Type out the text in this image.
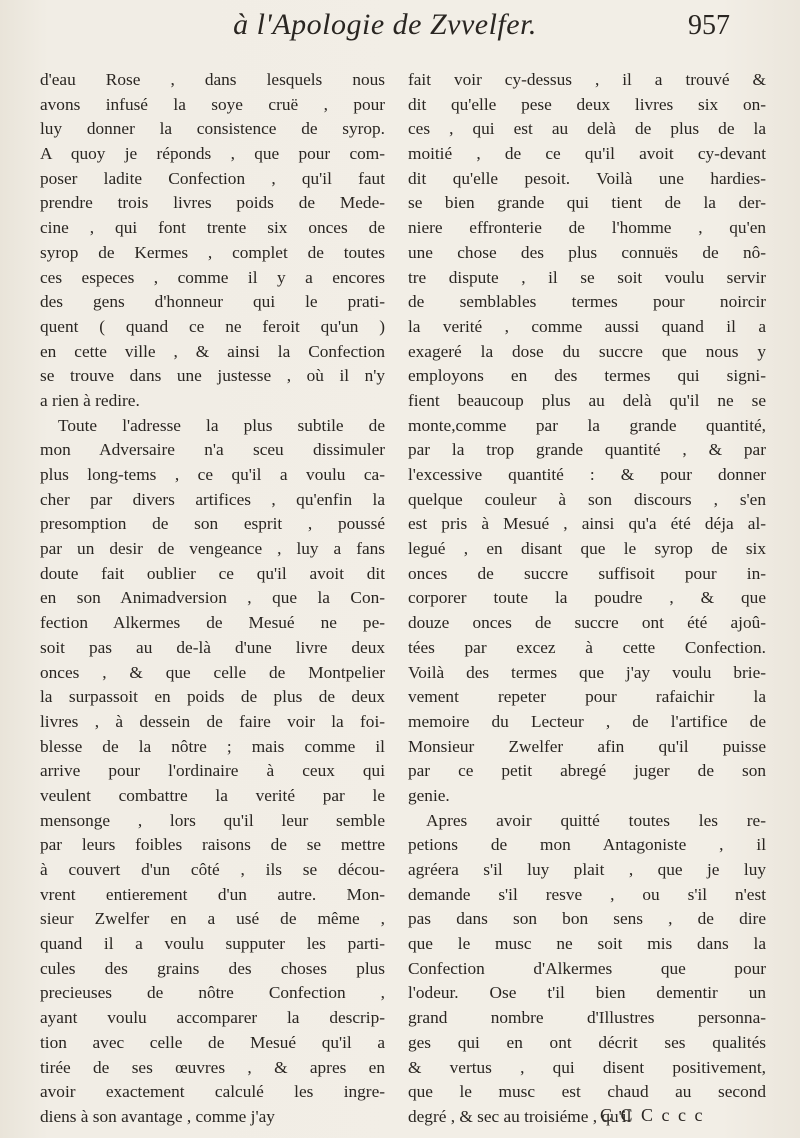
à l'Apologie de Zvvelfer.	957
d'eau Rose , dans lesquels nous
avons infusé la soye cruë , pour
luy donner la consistence de syrop.
A quoy je réponds , que pour com-
poser ladite Confection , qu'il faut
prendre trois livres poids de Mede-
cine , qui font trente six onces de
syrop de Kermes , complet de toutes
ces especes , comme il y a encores
des gens d'honneur qui le prati-
quent ( quand ce ne feroit qu'un )
en cette ville , & ainsi la Confection
se trouve dans une justesse , où il n'y
a rien à redire.
Toute l'adresse la plus subtile de
mon Adversaire n'a sceu dissimuler
plus long-tems , ce qu'il a voulu ca-
cher par divers artifices , qu'enfin la
presomption de son esprit , poussé
par un desir de vengeance , luy a fans
doute fait oublier ce qu'il avoit dit
en son Animadversion , que la Con-
fection Alkermes de Mesué ne pe-
soit pas au de-là d'une livre deux
onces , & que celle de Montpelier
la surpassoit en poids de plus de deux
livres , à dessein de faire voir la foi-
blesse de la nôtre ; mais comme il
arrive pour l'ordinaire à ceux qui
veulent combattre la verité par le
mensonge , lors qu'il leur semble
par leurs foibles raisons de se mettre
à couvert d'un côté , ils se décou-
vrent entierement d'un autre. Mon-
sieur Zwelfer en a usé de même ,
quand il a voulu supputer les parti-
cules des grains des choses plus
precieuses de nôtre Confection ,
ayant voulu accomparer la descrip-
tion avec celle de Mesué qu'il a
tirée de ses œuvres , & apres en
avoir exactement calculé les ingre-
diens à son avantage , comme j'ay
fait voir cy-dessus , il a trouvé &
dit qu'elle pese deux livres six on-
ces , qui est au delà de plus de la
moitié , de ce qu'il avoit cy-devant
dit qu'elle pesoit. Voilà une hardies-
se bien grande qui tient de la der-
niere effronterie de l'homme , qu'en
une chose des plus connuës de nô-
tre dispute , il se soit voulu servir
de semblables termes pour noircir
la verité , comme aussi quand il a
exageré la dose du succre que nous y
employons en des termes qui signi-
fient beaucoup plus au delà qu'il ne se
monte,comme par la grande quantité,
par la trop grande quantité , & par
l'excessive quantité : & pour donner
quelque couleur à son discours , s'en
est pris à Mesué , ainsi qu'a été déja al-
legué , en disant que le syrop de six
onces de succre suffisoit pour in-
corporer toute la poudre , & que
douze onces de succre ont été ajoû-
tées par excez à cette Confection.
Voilà des termes que j'ay voulu brie-
vement repeter pour rafaichir la
memoire du Lecteur , de l'artifice de
Monsieur Zwelfer afin qu'il puisse
par ce petit abregé juger de son
genie.
Apres avoir quitté toutes les re-
petions de mon Antagoniste , il
agréera s'il luy plait , que je luy
demande s'il resve , ou s'il n'est
pas dans son bon sens , de dire
que le musc ne soit mis dans la
Confection d'Alkermes que pour
l'odeur. Ose t'il bien dementir un
grand nombre d'Illustres personna-
ges qui en ont décrit ses qualités
& vertus , qui disent positivement,
que le musc est chaud au second
degré , & sec au troisiéme , qu'il
C C C c c c
